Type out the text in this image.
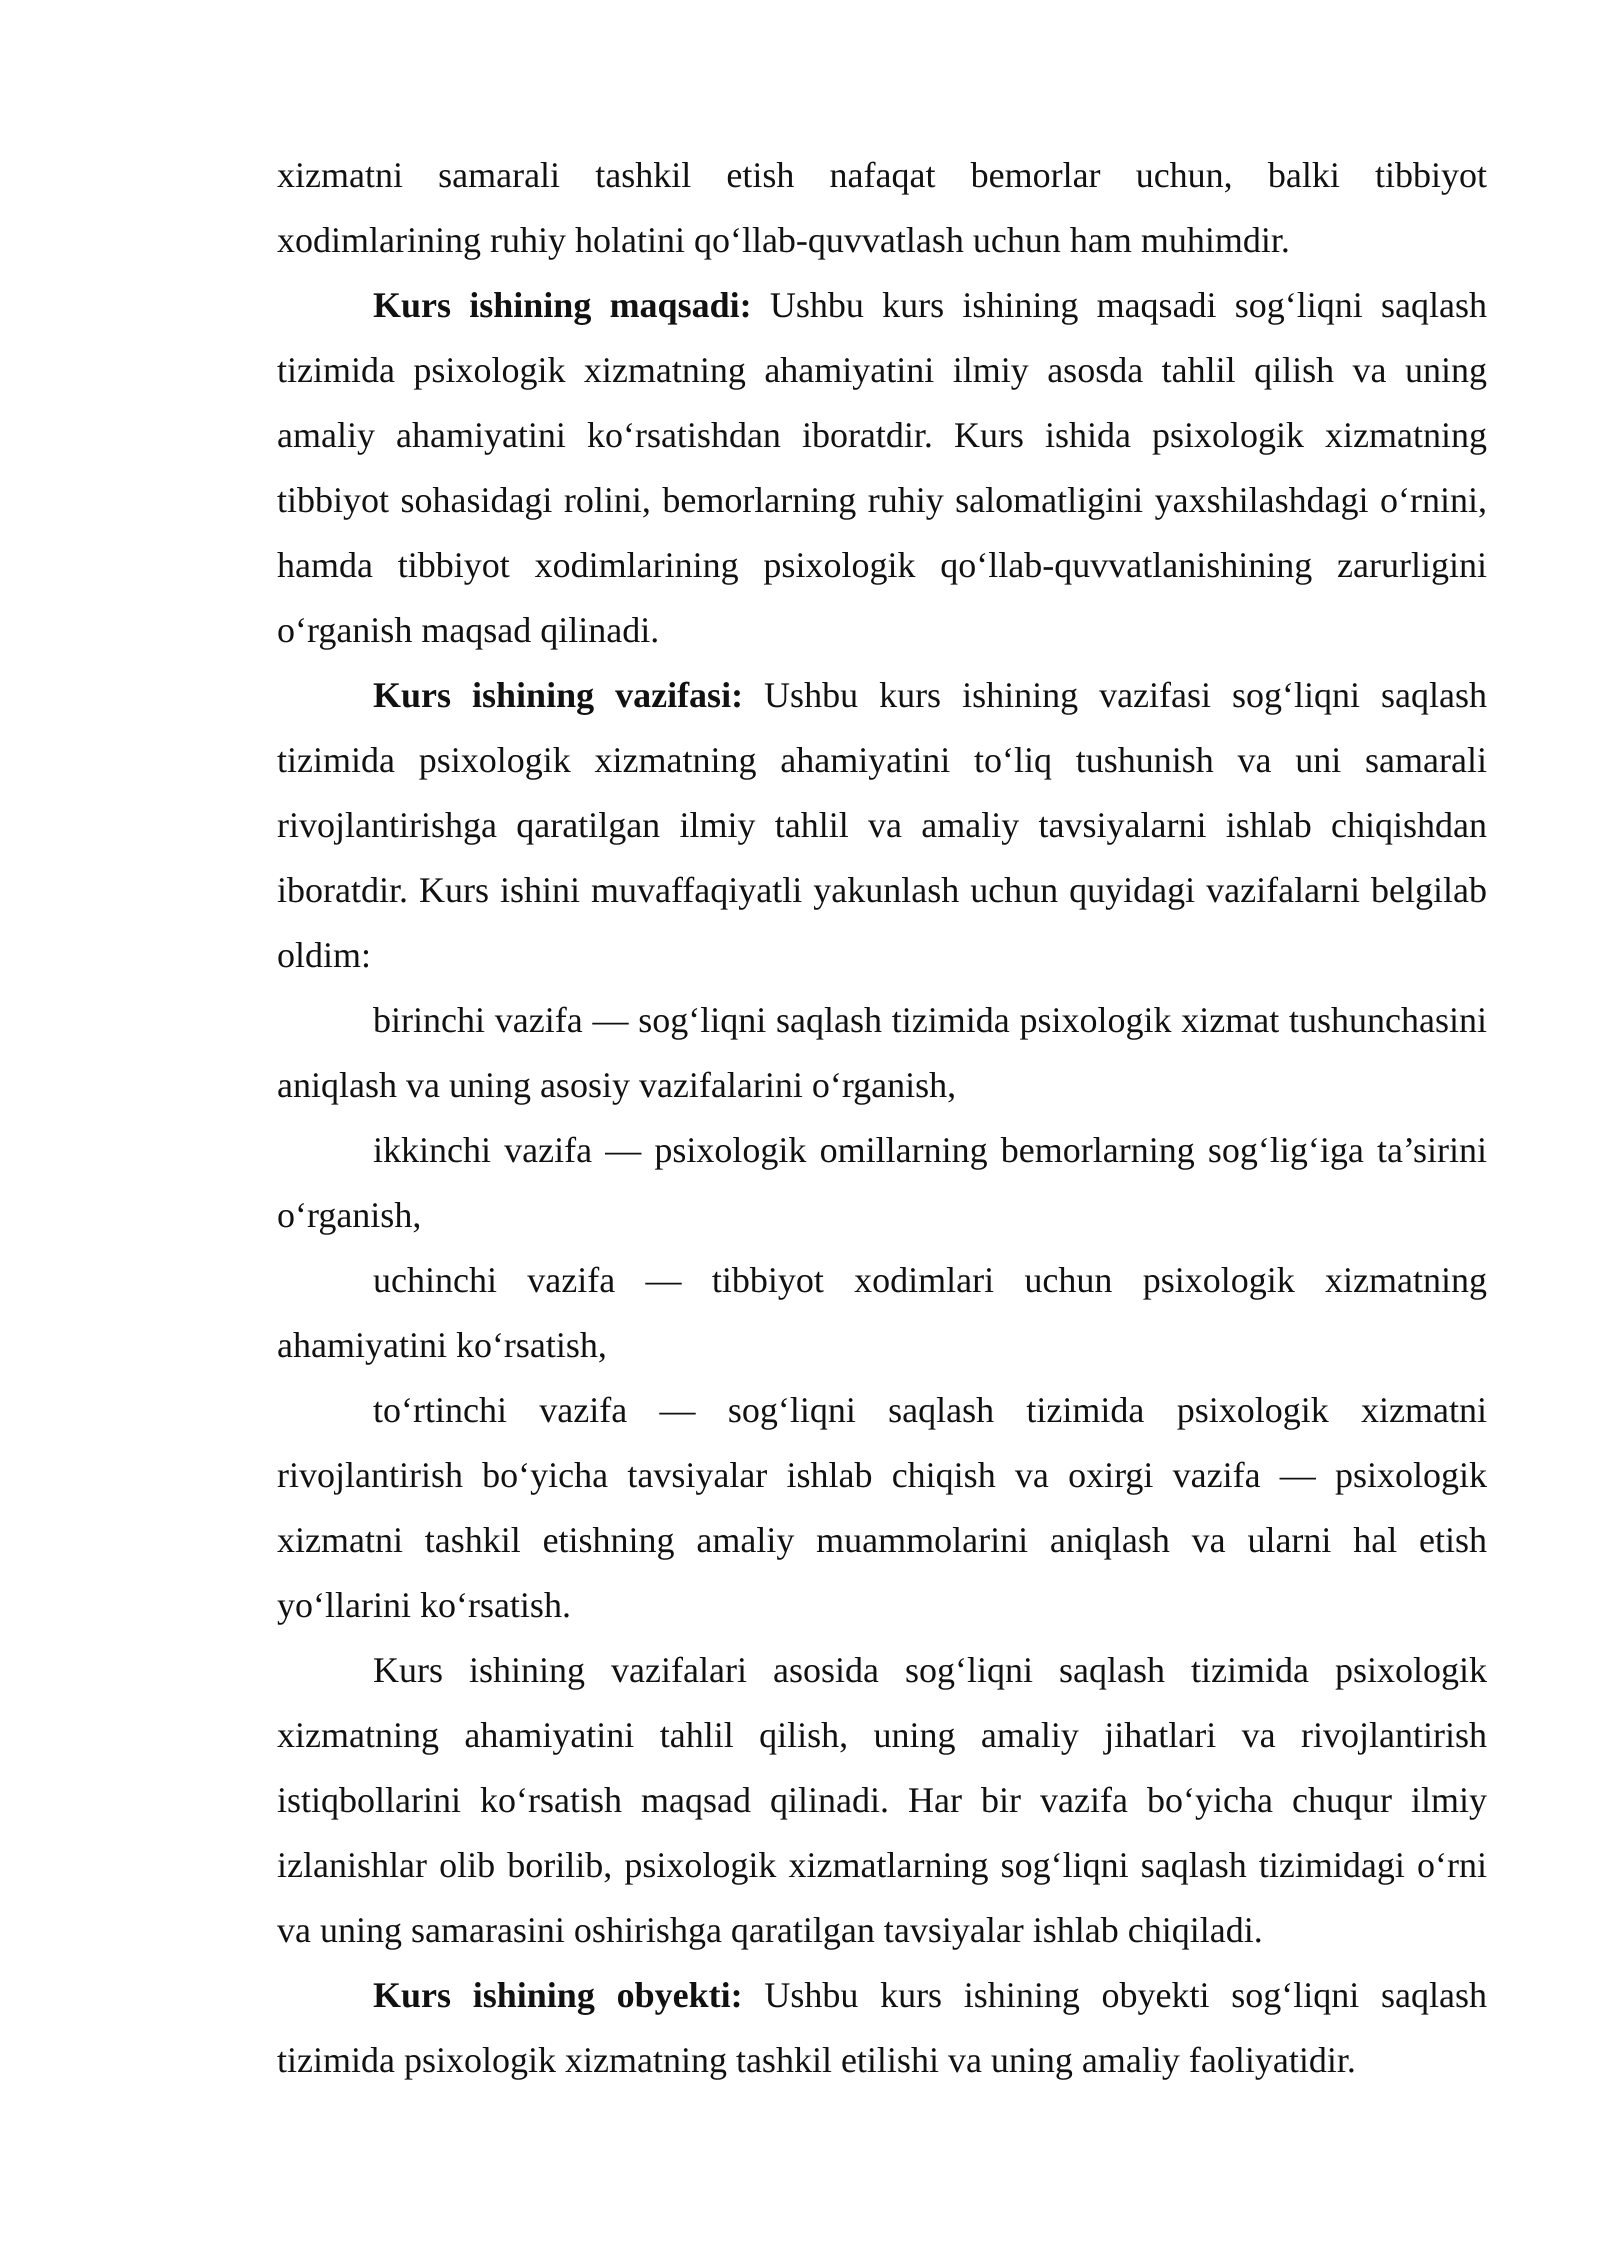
xizmatni samarali tashkil etish nafaqat bemorlar uchun, balki tibbiyot xodimlarining ruhiy holatini qo‘llab-quvvatlash uchun ham muhimdir.

Kurs ishining maqsadi: Ushbu kurs ishining maqsadi sog‘liqni saqlash tizimida psixologik xizmatning ahamiyatini ilmiy asosda tahlil qilish va uning amaliy ahamiyatini ko‘rsatishdan iboratdir. Kurs ishida psixologik xizmatning tibbiyot sohasidagi rolini, bemorlarning ruhiy salomatligini yaxshilashdagi o‘rnini, hamda tibbiyot xodimlarining psixologik qo‘llab-quvvatlanishining zarurligini o‘rganish maqsad qilinadi.

Kurs ishining vazifasi: Ushbu kurs ishining vazifasi sog‘liqni saqlash tizimida psixologik xizmatning ahamiyatini to‘liq tushunish va uni samarali rivojlantirishga qaratilgan ilmiy tahlil va amaliy tavsiyalarni ishlab chiqishdan iboratdir. Kurs ishini muvaffaqiyatli yakunlash uchun quyidagi vazifalarni belgilab oldim:

birinchi vazifa — sog‘liqni saqlash tizimida psixologik xizmat tushunchasini aniqlash va uning asosiy vazifalarini o‘rganish,

ikkinchi vazifa — psixologik omillarning bemorlarning sog‘lig‘iga ta’sirini o‘rganish,

uchinchi vazifa — tibbiyot xodimlari uchun psixologik xizmatning ahamiyatini ko‘rsatish,

to‘rtinchi vazifa — sog‘liqni saqlash tizimida psixologik xizmatni rivojlantirish bo‘yicha tavsiyalar ishlab chiqish va oxirgi vazifa — psixologik xizmatni tashkil etishning amaliy muammolarini aniqlash va ularni hal etish yo‘llarini ko‘rsatish.

Kurs ishining vazifalari asosida sog‘liqni saqlash tizimida psixologik xizmatning ahamiyatini tahlil qilish, uning amaliy jihatlari va rivojlantirish istiqbollarini ko‘rsatish maqsad qilinadi. Har bir vazifa bo‘yicha chuqur ilmiy izlanishlar olib borilib, psixologik xizmatlarning sog‘liqni saqlash tizimidagi o‘rni va uning samarasini oshirishga qaratilgan tavsiyalar ishlab chiqiladi.

Kurs ishining obyekti: Ushbu kurs ishining obyekti sog‘liqni saqlash tizimida psixologik xizmatning tashkil etilishi va uning amaliy faoliyatidir.
